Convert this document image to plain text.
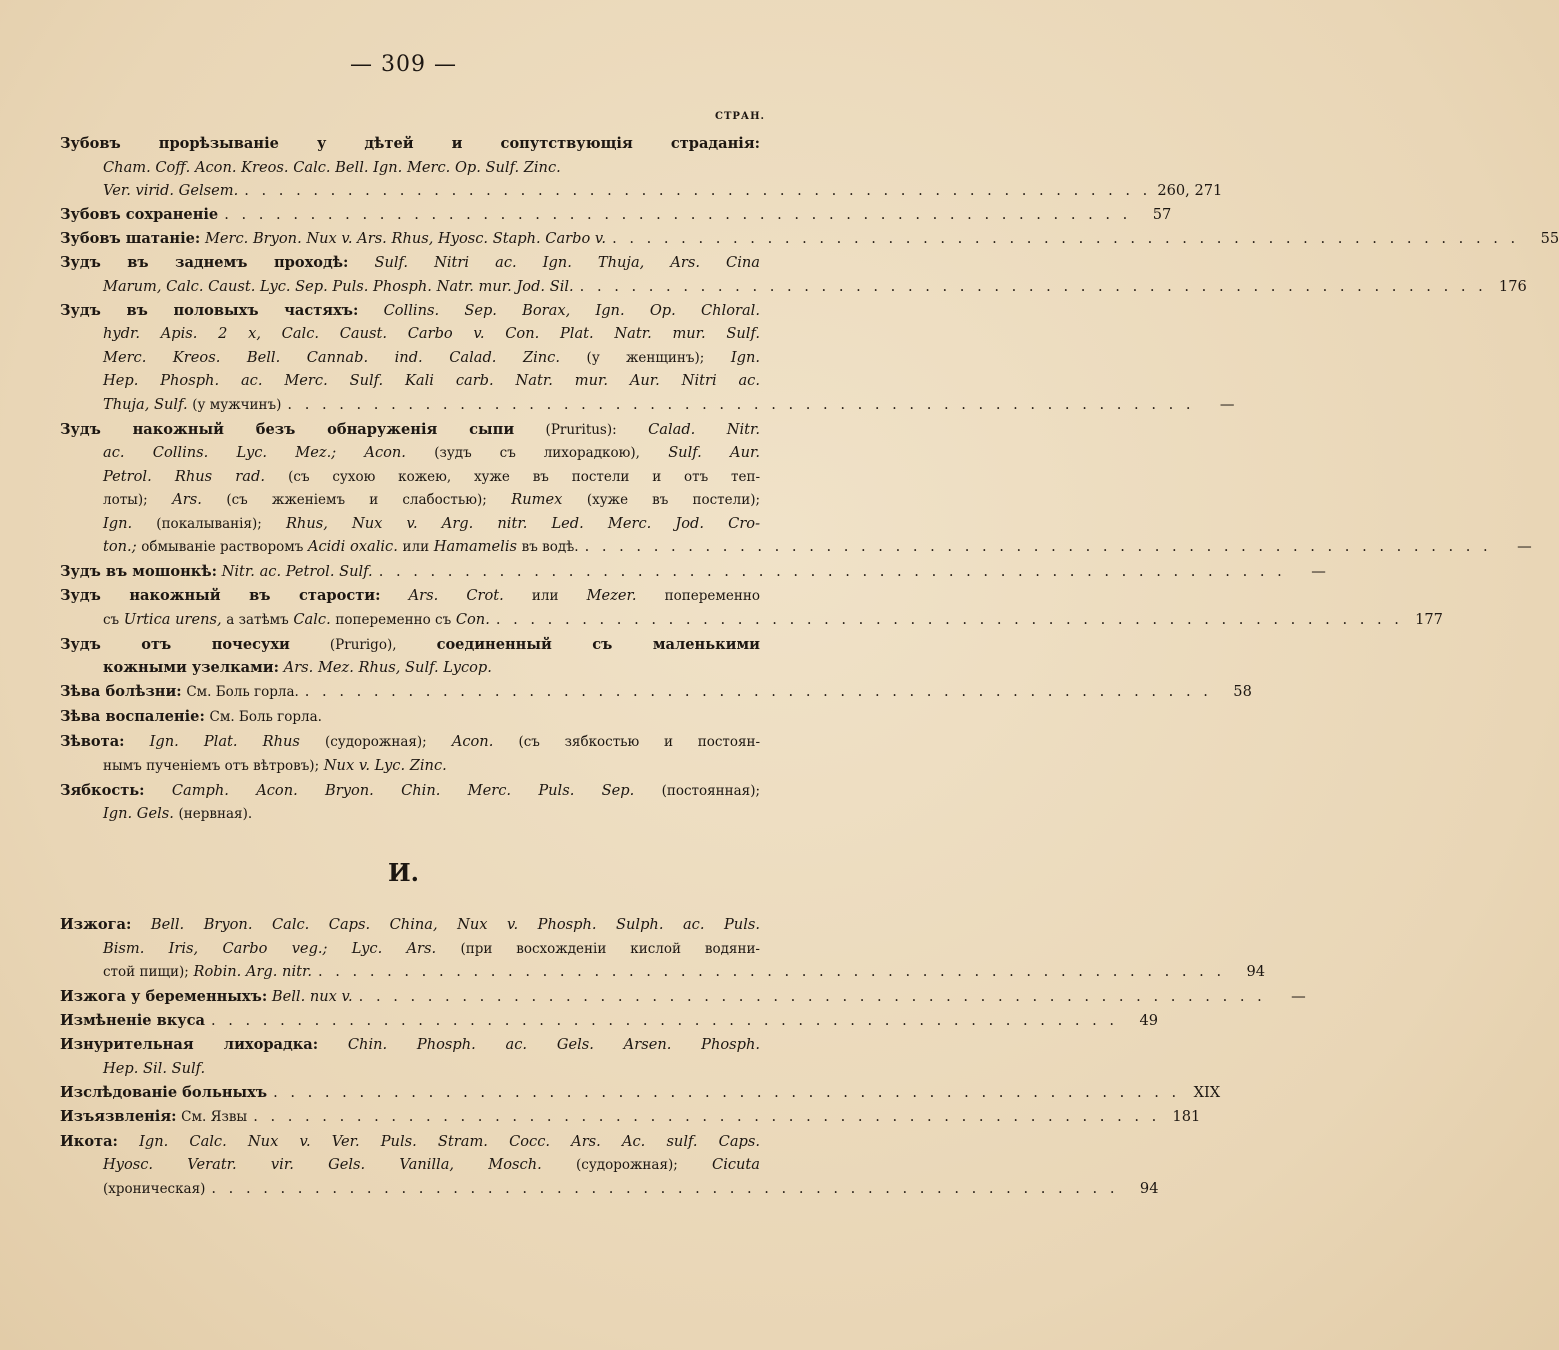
— 309 —
СТРАН.
Зубовъ прорѣзываніе у дѣтей и сопутствующія страданія:
Cham. Coff. Acon. Kreos. Calc. Bell. Ign. Merc. Op. Sulf. Zinc.
Ver. virid. Gelsem. . . . . . . . . . . . . . . . . . . . . . . . . . . . . . . . . . . . . . . . . . . . . . . . . . . . . . 260, 271
Зубовъ сохраненіе . . . . . . . . . . . . . . . . . . . . . . . . . . . . . . . . . . . . . . . . . . . . . . . . . . . . .	57
Зубовъ шатаніе: Merc. Bryon. Nux v. Ars. Rhus, Hyosc. Staph. Carbo v. . . . . . . . . . . . . . . . . . . . . . . . . . . . . . . . . . . . . . . . . . . . . . . . . . . . . .	55
Зудъ въ заднемъ проходѣ: Sulf. Nitri ac. Ign. Thuja, Ars. Cina
Marum, Calc. Caust. Lyc. Sep. Puls. Phosph. Natr. mur. Jod. Sil. . . . . . . . . . . . . . . . . . . . . . . . . . . . . . . . . . . . . . . . . . . . . . . . . . . . . . 176
Зудъ въ половыхъ частяхъ: Collins. Sep. Borax, Ign. Op. Chloral.
hydr. Apis. 2 x, Calc. Caust. Carbo v. Con. Plat. Natr. mur. Sulf.
Merc. Kreos. Bell. Cannab. ind. Calad. Zinc. (у женщинъ); Ign.
Hep. Phosph. ac. Merc. Sulf. Kali carb. Natr. mur. Aur. Nitri ac.
Thuja, Sulf. (у мужчинъ) . . . . . . . . . . . . . . . . . . . . . . . . . . . . . . . . . . . . . . . . . . . . . . . . . . . . .	—
Зудъ накожный безъ обнаруженія сыпи (Pruritus): Calad. Nitr.
ac. Collins. Lyc. Mez.; Acon. (зудъ съ лихорадкою), Sulf. Aur.
Petrol. Rhus rad. (съ сухою кожею, хуже въ постели и отъ теп-
лоты); Ars. (съ жженіемъ и слабостью); Rumex (хуже въ постели);
Ign. (покалыванія); Rhus, Nux v. Arg. nitr. Led. Merc. Jod. Cro-
ton.; обмываніе растворомъ Acidi oxalic. или Hamamelis въ водѣ. . . . . . . . . . . . . . . . . . . . . . . . . . . . . . . . . . . . . . . . . . . . . . . . . . . . . .	—
Зудъ въ мошонкѣ: Nitr. ac. Petrol. Sulf. . . . . . . . . . . . . . . . . . . . . . . . . . . . . . . . . . . . . . . . . . . . . . . . . . . . . .	—
Зудъ накожный въ старости: Ars. Crot. или Mezer. попеременно
съ Urtica urens, а затѣмъ Calc. попеременно съ Con. . . . . . . . . . . . . . . . . . . . . . . . . . . . . . . . . . . . . . . . . . . . . . . . . . . . . . 177
Зудъ отъ почесухи	(Prurigo),	соединенный съ маленькими
кожными узелками: Ars. Mez. Rhus, Sulf. Lycop.
Зѣва болѣзни: См. Боль горла. . . . . . . . . . . . . . . . . . . . . . . . . . . . . . . . . . . . . . . . . . . . . . . . . . . . . .	58
Зѣва воспаленіе: См. Боль горла.
Зѣвота: Ign. Plat. Rhus (судорожная); Acon. (съ зябкостью и постоян-
нымъ пученіемъ отъ вѣтровъ); Nux v. Lyc. Zinc.
Зябкость: Camph. Acon. Bryon. Chin. Merc. Puls. Sep. (постоянная);
Ign. Gels. (нервная).
И.
Изжога: Bell. Bryon. Calc. Caps. China, Nux v. Phosph. Sulph. ac. Puls.
Bism. Iris, Carbo veg.; Lyc. Ars. (при восхожденіи кислой водяни-
стой пищи); Robin. Arg. nitr. . . . . . . . . . . . . . . . . . . . . . . . . . . . . . . . . . . . . . . . . . . . . . . . . . . . . .	94
Изжога у беременныхъ: Bell. nux v. . . . . . . . . . . . . . . . . . . . . . . . . . . . . . . . . . . . . . . . . . . . . . . . . . . . . .	—
Измѣненіе вкуса . . . . . . . . . . . . . . . . . . . . . . . . . . . . . . . . . . . . . . . . . . . . . . . . . . . . .	49
Изнурительная лихорадка: Chin. Phosph. ac. Gels. Arsen. Phosph.
Hep. Sil. Sulf.
Изслѣдованіе больныхъ . . . . . . . . . . . . . . . . . . . . . . . . . . . . . . . . . . . . . . . . . . . . . . . . . . . . . XIX
Изъязвленія: См. Язвы . . . . . . . . . . . . . . . . . . . . . . . . . . . . . . . . . . . . . . . . . . . . . . . . . . . . . 181
Икота: Ign. Calc. Nux v. Ver. Puls. Stram. Cocc. Ars. Ac. sulf. Caps.
Hyosc. Veratr. vir. Gels. Vanilla, Mosch.	(судорожная); Cicuta
(хроническая) . . . . . . . . . . . . . . . . . . . . . . . . . . . . . . . . . . . . . . . . . . . . . . . . . . . . .	94
